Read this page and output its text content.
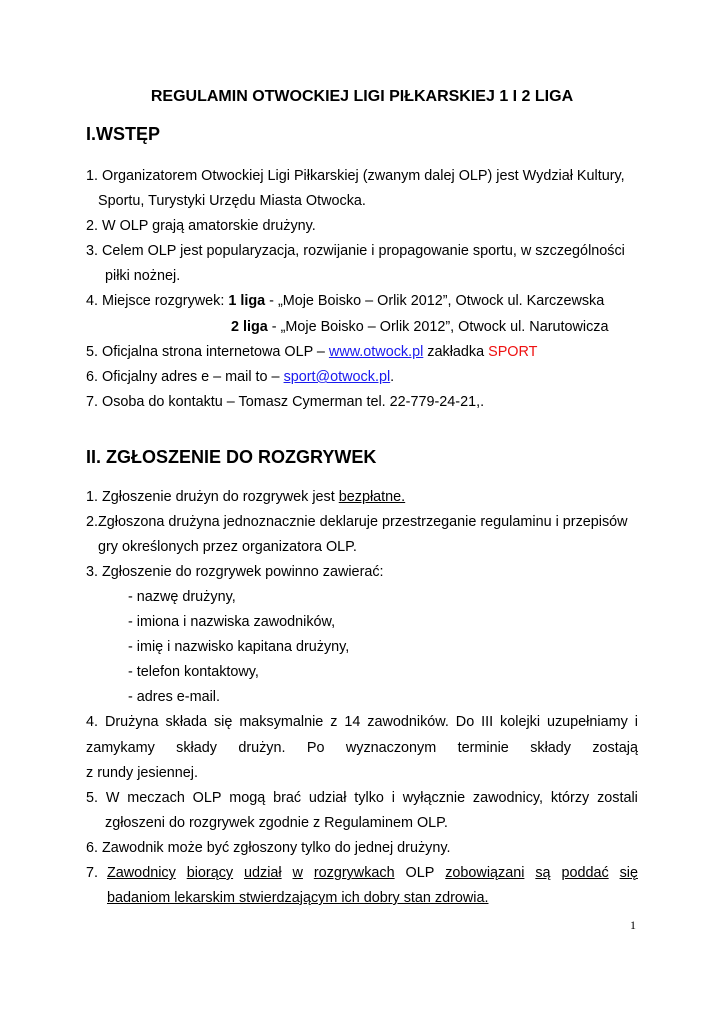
REGULAMIN OTWOCKIEJ LIGI PIŁKARSKIEJ 1 I 2 LIGA
I.WSTĘP
1. Organizatorem Otwockiej Ligi Piłkarskiej (zwanym dalej OLP) jest Wydział Kultury,
Sportu, Turystyki Urzędu Miasta Otwocka.
2. W OLP grają amatorskie drużyny.
3. Celem OLP jest popularyzacja, rozwijanie i propagowanie sportu, w szczególności
piłki nożnej.
4. Miejsce rozgrywek: 1 liga - „Moje Boisko – Orlik 2012”, Otwock ul. Karczewska
2 liga - „Moje Boisko – Orlik 2012”, Otwock ul. Narutowicza
5. Oficjalna strona internetowa OLP – www.otwock.pl zakładka SPORT
6. Oficjalny adres e – mail to – sport@otwock.pl.
7. Osoba do kontaktu – Tomasz Cymerman tel. 22-779-24-21,.
II. ZGŁOSZENIE DO ROZGRYWEK
1. Zgłoszenie drużyn do rozgrywek jest bezpłatne.
2.Zgłoszona drużyna jednoznacznie deklaruje przestrzeganie regulaminu i przepisów
gry określonych przez organizatora OLP.
3. Zgłoszenie do rozgrywek powinno zawierać:
- nazwę drużyny,
- imiona i nazwiska zawodników,
- imię i nazwisko kapitana drużyny,
- telefon kontaktowy,
- adres e-mail.
4. Drużyna składa się maksymalnie z 14 zawodników. Do III kolejki uzupełniamy i
zamykamy składy drużyn. Po wyznaczonym terminie składy zostają
z rundy jesiennej.
5. W meczach OLP mogą brać udział tylko i wyłącznie zawodnicy, którzy zostali
zgłoszeni do rozgrywek zgodnie z Regulaminem OLP.
6. Zawodnik może być zgłoszony tylko do jednej drużyny.
7. Zawodnicy biorący udział w rozgrywkach OLP zobowiązani są poddać się
badaniom lekarskim stwierdzającym ich dobry stan zdrowia.
1
